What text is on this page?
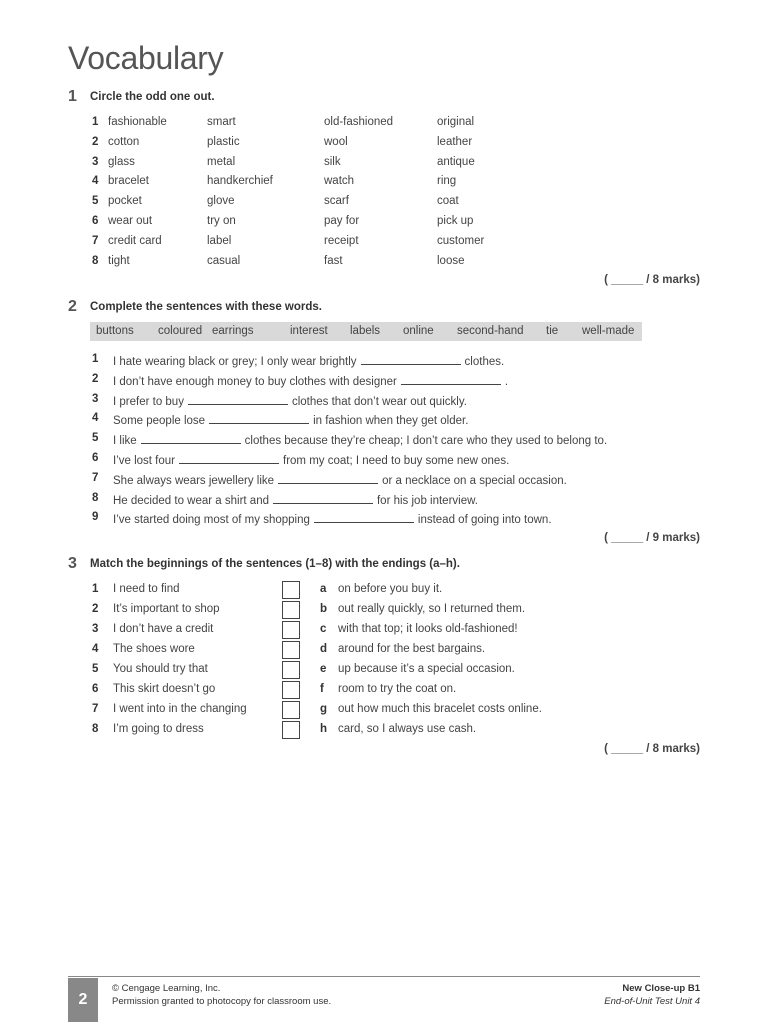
Vocabulary
1 Circle the odd one out.
1 fashionable	smart	old-fashioned	original
2 cotton	plastic	wool	leather
3 glass	metal	silk	antique
4 bracelet	handkerchief	watch	ring
5 pocket	glove	scarf	coat
6 wear out	try on	pay for	pick up
7 credit card	label	receipt	customer
8 tight	casual	fast	loose
( _____ / 8 marks)
2 Complete the sentences with these words.
buttons coloured earrings	interest labels online second-hand tie well-made
1 I hate wearing black or grey; I only wear brightly	clothes.
2 I don’t have enough money to buy clothes with designer	.
3 I prefer to buy	clothes that don’t wear out quickly.
4 Some people lose	in fashion when they get older.
5 I like	clothes because they’re cheap; I don’t care who they used to belong to.
6 I’ve lost four	from my coat; I need to buy some new ones.
7 She always wears jewellery like	or a necklace on a special occasion.
8 He decided to wear a shirt and	for his job interview.
9 I’ve started doing most of my shopping	instead of going into town.
( _____ / 9 marks)
3 Match the beginnings of the sentences (1–8) with the endings (a–h).
1 I need to find	a on before you buy it.
2 It’s important to shop	b out really quickly, so I returned them.
3 I don’t have a credit	c with that top; it looks old-fashioned!
4 The shoes wore	d around for the best bargains.
5 You should try that	e up because it’s a special occasion.
6 This skirt doesn’t go	f room to try the coat on.
7 I went into in the changing	g out how much this bracelet costs online.
8 I’m going to dress	h card, so I always use cash.
( _____ / 8 marks)
2
© Cengage Learning, Inc.
Permission granted to photocopy for classroom use.
New Close-up B1
End-of-Unit Test Unit 4
